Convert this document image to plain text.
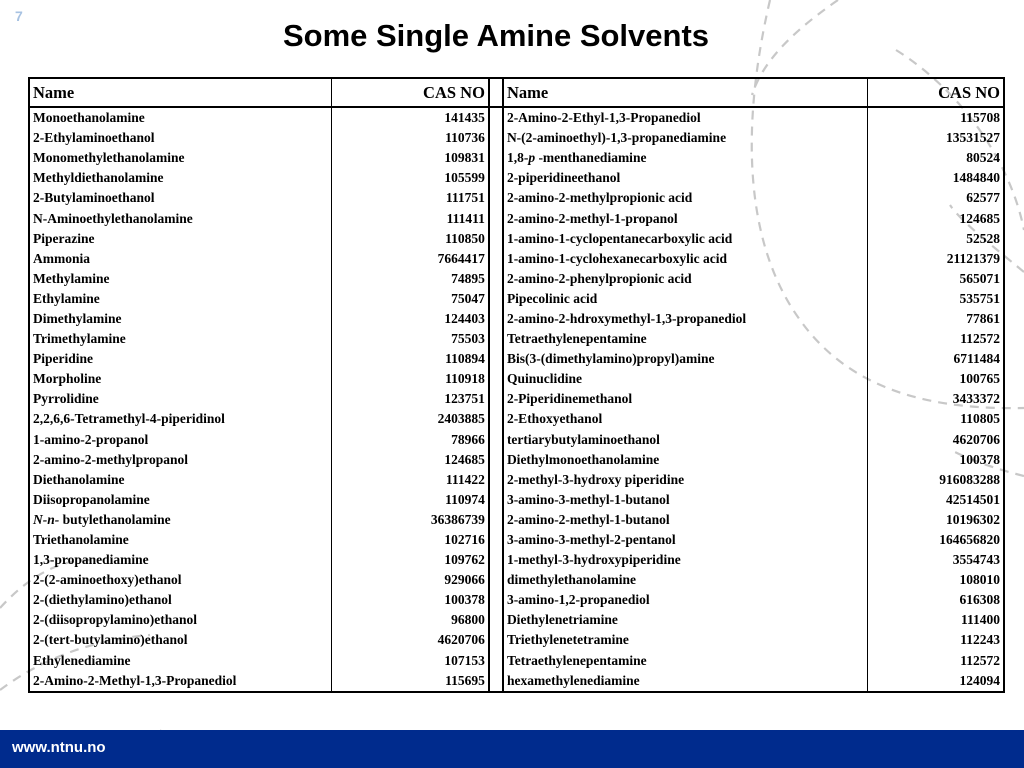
7
Some Single Amine Solvents
Name	CAS NO		Name	CAS NO
Monoethanolamine	141435		2-Amino-2-Ethyl-1,3-Propanediol	115708
2-Ethylaminoethanol	110736		N-(2-aminoethyl)-1,3-propanediamine	13531527
Monomethylethanolamine	109831		1,8-p -menthanediamine	80524
Methyldiethanolamine	105599		2-piperidineethanol	1484840
2-Butylaminoethanol	111751		2-amino-2-methylpropionic acid	62577
N-Aminoethylethanolamine	111411		2-amino-2-methyl-1-propanol	124685
Piperazine	110850		1-amino-1-cyclopentanecarboxylic acid	52528
Ammonia	7664417		1-amino-1-cyclohexanecarboxylic acid	21121379
Methylamine	74895		2-amino-2-phenylpropionic acid	565071
Ethylamine	75047		Pipecolinic acid	535751
Dimethylamine	124403		2-amino-2-hdroxymethyl-1,3-propanediol	77861
Trimethylamine	75503		Tetraethylenepentamine	112572
Piperidine	110894		Bis(3-(dimethylamino)propyl)amine	6711484
Morpholine	110918		Quinuclidine	100765
Pyrrolidine	123751		2-Piperidinemethanol	3433372
2,2,6,6-Tetramethyl-4-piperidinol	2403885		2-Ethoxyethanol	110805
1-amino-2-propanol	78966		tertiarybutylaminoethanol	4620706
2-amino-2-methylpropanol	124685		Diethylmonoethanolamine	100378
Diethanolamine	111422		2-methyl-3-hydroxy piperidine	916083288
Diisopropanolamine	110974		3-amino-3-methyl-1-butanol	42514501
N-n- butylethanolamine	36386739		2-amino-2-methyl-1-butanol	10196302
Triethanolamine	102716		3-amino-3-methyl-2-pentanol	164656820
1,3-propanediamine	109762		1-methyl-3-hydroxypiperidine	3554743
2-(2-aminoethoxy)ethanol	929066		dimethylethanolamine	108010
2-(diethylamino)ethanol	100378		3-amino-1,2-propanediol	616308
2-(diisopropylamino)ethanol	96800		Diethylenetriamine	111400
2-(tert-butylamino)ethanol	4620706		Triethylenetetramine	112243
Ethylenediamine	107153		Tetraethylenepentamine	112572
2-Amino-2-Methyl-1,3-Propanediol	115695		hexamethylenediamine	124094
www.ntnu.no
